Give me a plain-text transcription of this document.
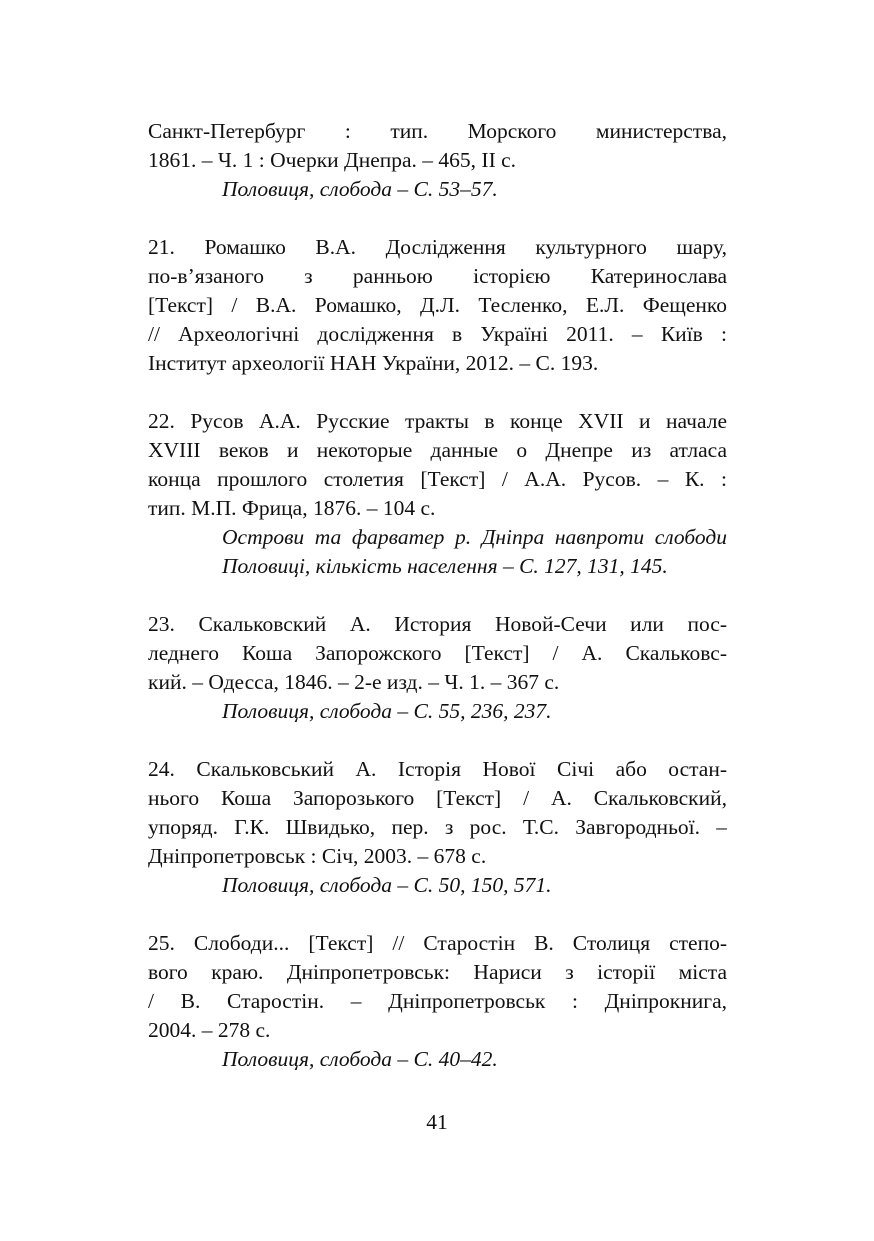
Санкт-Петербург : тип. Морского министерства,
1861. – Ч. 1 : Очерки Днепра. – 465, ІІ с.
Половиця, слобода – С. 53–57.
21. Ромашко В.А. Дослідження культурного шару,
по-в’язаного з ранньою історією Катеринослава
[Текст] / В.А. Ромашко, Д.Л. Тесленко, Е.Л. Фещенко
// Археологічні дослідження в Україні 2011. – Київ :
Інститут археології НАН України, 2012. – С. 193.
22. Русов А.А. Русские тракты в конце XVII и начале
XVIII веков и некоторые данные о Днепре из атласа
конца прошлого столетия [Текст] / А.А. Русов. – К. :
тип. М.П. Фрица, 1876. – 104 с.
Острови та фарватер р. Дніпра навпроти слободи
Половиці, кількість населення – С. 127, 131, 145.
23. Скальковский А. История Новой-Сечи или пос-
леднего Коша Запорожского [Текст] / А. Скальковс-
кий. – Одесса, 1846. – 2-е изд. – Ч. 1. – 367 с.
Половиця, слобода – С. 55, 236, 237.
24. Скальковський А. Історія Нової Січі або остан-
нього Коша Запорозького [Текст] / А. Скальковский,
упоряд. Г.К. Швидько, пер. з рос. Т.С. Завгородньої. –
Дніпропетровськ : Січ, 2003. – 678 с.
Половиця, слобода – С. 50, 150, 571.
25. Слободи... [Текст] // Старостін В. Столиця степо-
вого краю. Дніпропетровськ: Нариси з історії міста
/ В. Старостін. – Дніпропетровськ : Дніпрокнига,
2004. – 278 с.
Половиця, слобода – С. 40–42.
41
